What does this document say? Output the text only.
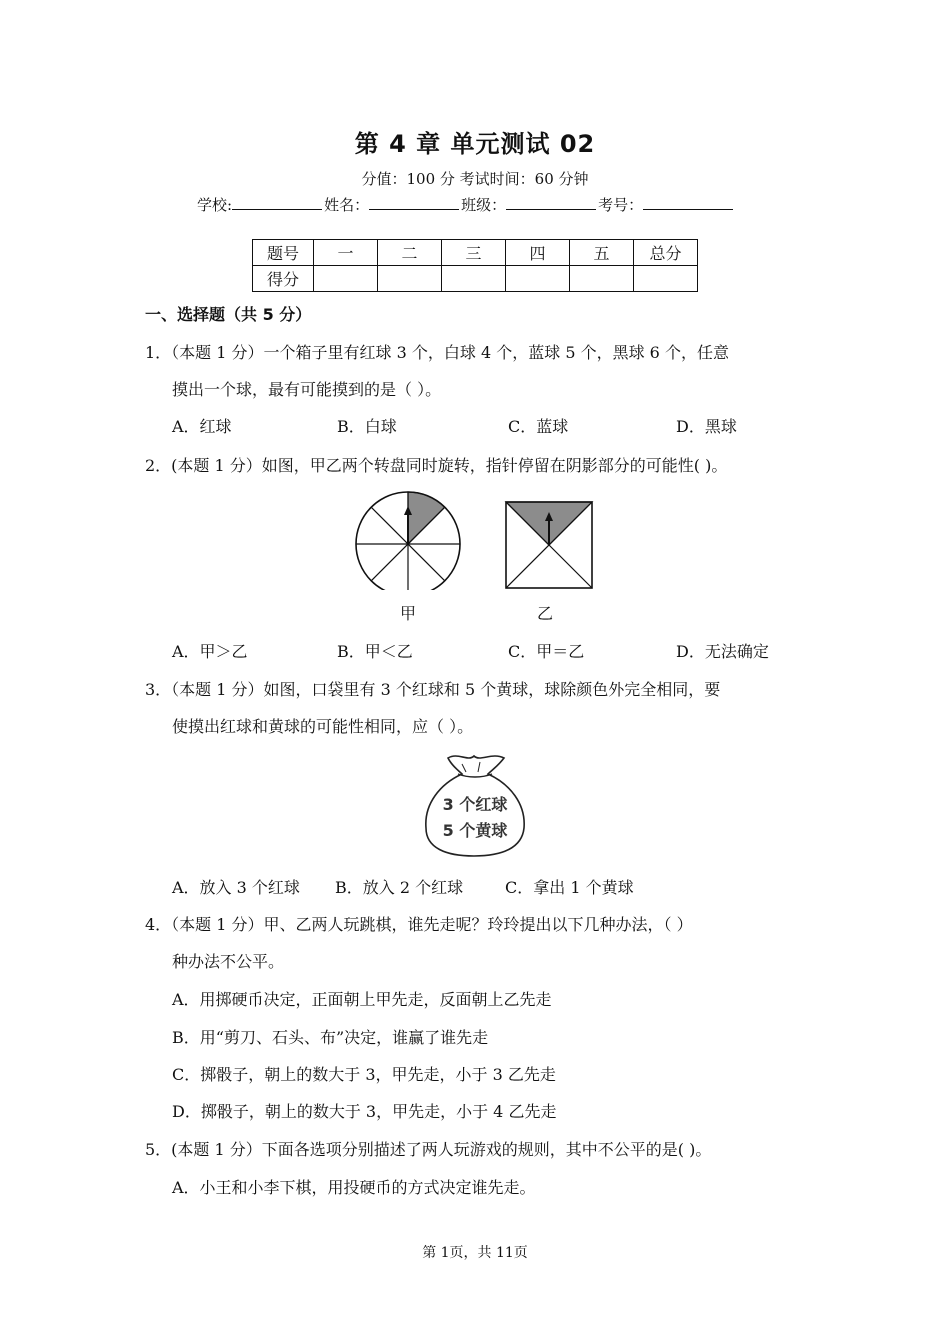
第 4 章 单元测试 02
分值：100 分 考试时间：60 分钟
学校:	姓名：	班级：	考号：
题号	一	二	三	四	五	总分
得分						
一、选择题（共 5 分）
1．（本题 1 分）一个箱子里有红球 3 个，白球 4 个，蓝球 5 个，黑球 6 个，任意
摸出一个球，最有可能摸到的是（ ）。
A．红球	B．白球	C．蓝球	D．黑球
2．(本题 1 分）如图，甲乙两个转盘同时旋转，指针停留在阴影部分的可能性( )。
甲	乙
A．甲＞乙	B．甲＜乙	C．甲＝乙	D．无法确定
3．（本题 1 分）如图，口袋里有 3 个红球和 5 个黄球，球除颜色外完全相同，要
使摸出红球和黄球的可能性相同，应（ ）。
3 个红球
5 个黄球
A．放入 3 个红球 B．放入 2 个红球	C．拿出 1 个黄球
4．（本题 1 分）甲、乙两人玩跳棋，谁先走呢？玲玲提出以下几种办法，（ ）
种办法不公平。
A．用掷硬币决定，正面朝上甲先走，反面朝上乙先走
B．用“剪刀、石头、布”决定，谁赢了谁先走
C．掷骰子，朝上的数大于 3，甲先走，小于 3 乙先走
D．掷骰子，朝上的数大于 3，甲先走，小于 4 乙先走
5．(本题 1 分）下面各选项分别描述了两人玩游戏的规则，其中不公平的是( )。
A．小王和小李下棋，用投硬币的方式决定谁先走。
第 1页，共 11页
